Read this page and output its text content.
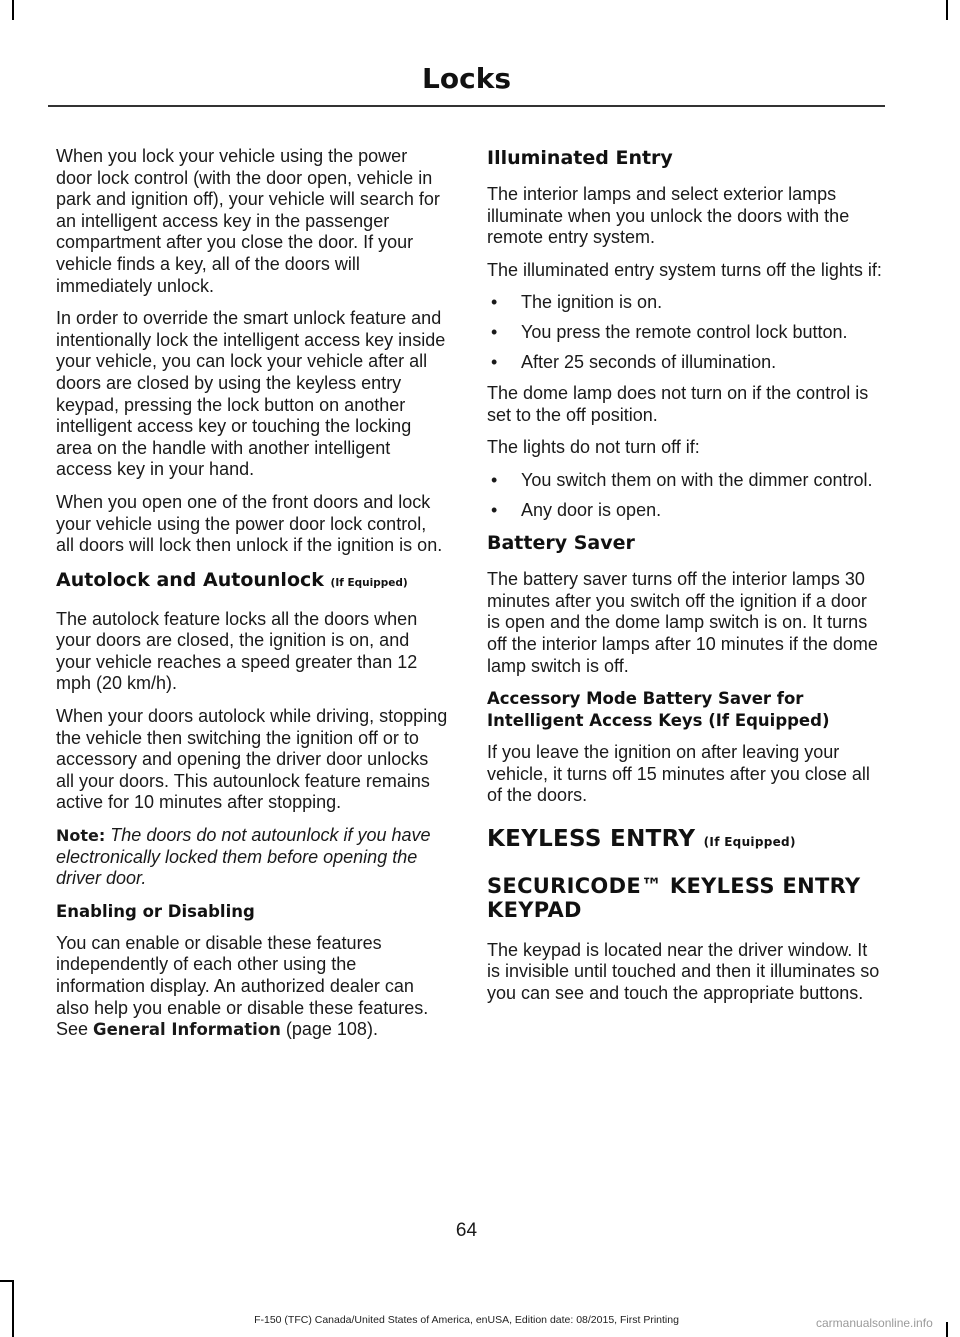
Locks

When you lock your vehicle using the power door lock control (with the door open, vehicle in park and ignition off), your vehicle will search for an intelligent access key in the passenger compartment after you close the door. If your vehicle finds a key, all of the doors will immediately unlock.

In order to override the smart unlock feature and intentionally lock the intelligent access key inside your vehicle, you can lock your vehicle after all doors are closed by using the keyless entry keypad, pressing the lock button on another intelligent access key or touching the locking area on the handle with another intelligent access key in your hand.

When you open one of the front doors and lock your vehicle using the power door lock control, all doors will lock then unlock if the ignition is on.

Autolock and Autounlock (If Equipped)

The autolock feature locks all the doors when your doors are closed, the ignition is on, and your vehicle reaches a speed greater than 12 mph (20 km/h).

When your doors autolock while driving, stopping the vehicle then switching the ignition off or to accessory and opening the driver door unlocks all your doors. This autounlock feature remains active for 10 minutes after stopping.

Note: The doors do not autounlock if you have electronically locked them before opening the driver door.

Enabling or Disabling

You can enable or disable these features independently of each other using the information display. An authorized dealer can also help you enable or disable these features. See General Information (page 108).

Illuminated Entry

The interior lamps and select exterior lamps illuminate when you unlock the doors with the remote entry system.

The illuminated entry system turns off the lights if:

• The ignition is on.
• You press the remote control lock button.
• After 25 seconds of illumination.

The dome lamp does not turn on if the control is set to the off position.

The lights do not turn off if:

• You switch them on with the dimmer control.
• Any door is open.
Battery Saver

The battery saver turns off the interior lamps 30 minutes after you switch off the ignition if a door is open and the dome lamp switch is on. It turns off the interior lamps after 10 minutes if the dome lamp switch is off.

Accessory Mode Battery Saver for Intelligent Access Keys (If Equipped)

If you leave the ignition on after leaving your vehicle, it turns off 15 minutes after you close all of the doors.

KEYLESS ENTRY (If Equipped)
SECURICODE™ KEYLESS ENTRY KEYPAD

The keypad is located near the driver window. It is invisible until touched and then it illuminates so you can see and touch the appropriate buttons.

64
F-150 (TFC) Canada/United States of America, enUSA, Edition date: 08/2015, First Printing	carmanualsonline.info
